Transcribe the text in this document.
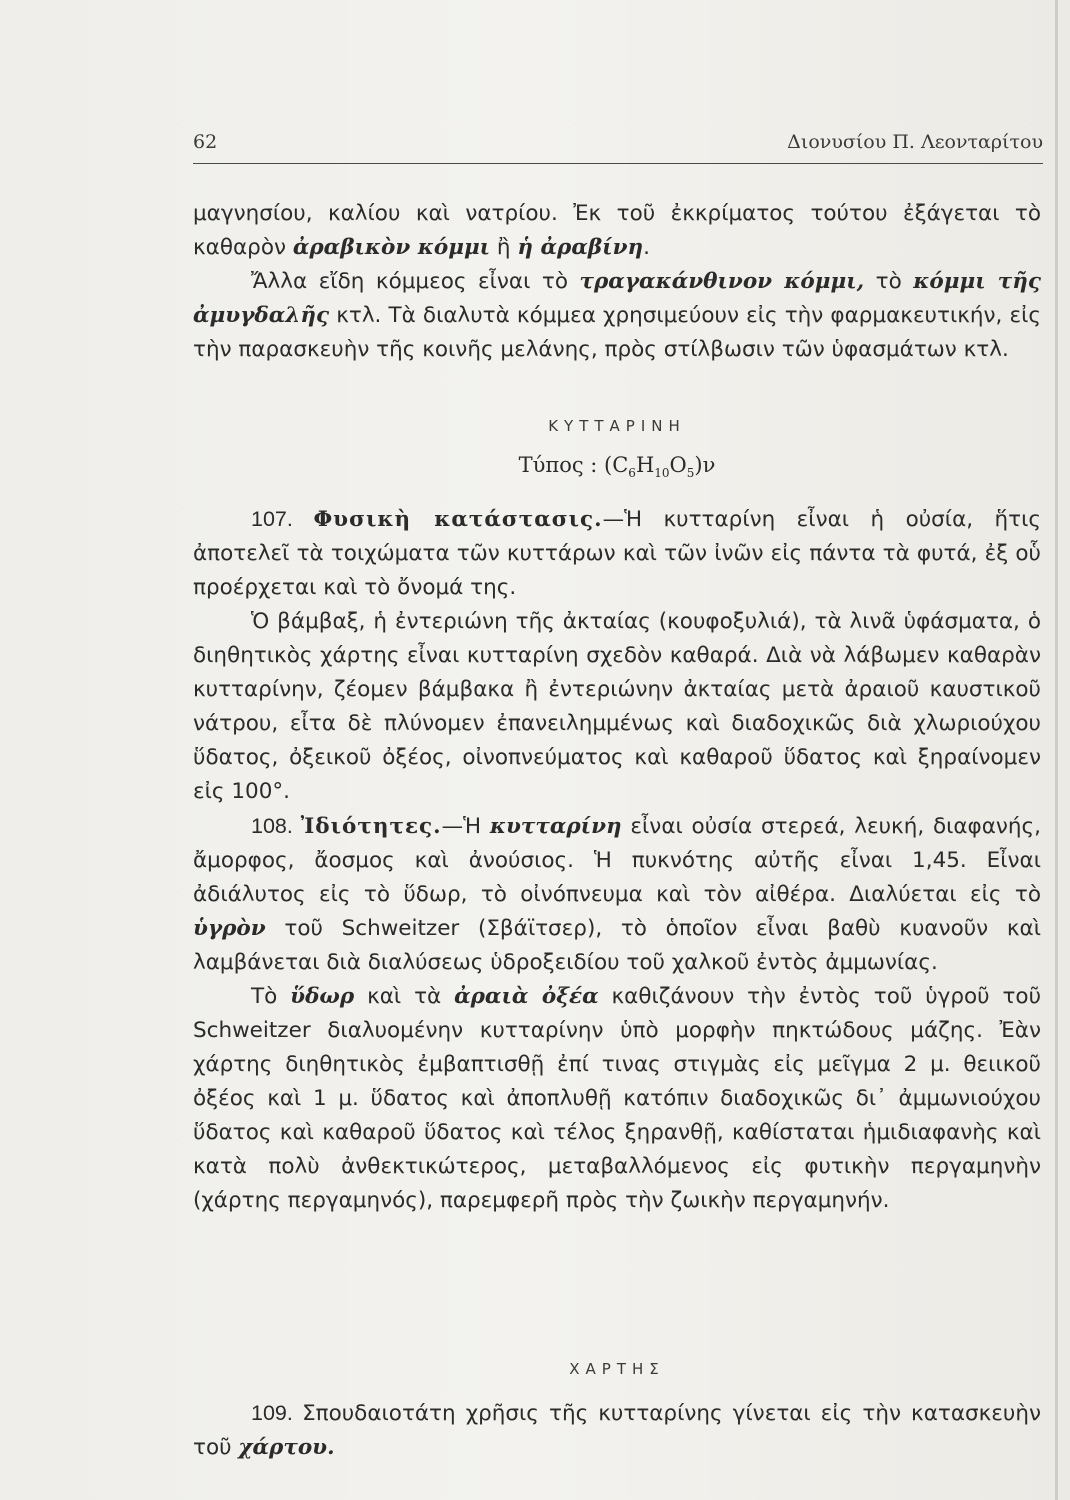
62	Διονυσίου Π. Λεονταρίτου

μαγνησίου, καλίου καὶ νατρίου. Ἐκ τοῦ ἐκκρίματος τούτου ἐξάγεται τὸ καθαρὸν ἀραβικὸν κόμμι ἢ ἡ ἀραβίνη.

Ἄλλα εἴδη κόμμεος εἶναι τὸ τραγακάνθινον κόμμι, τὸ κόμμι τῆς ἀμυγδαλῆς κτλ. Τὰ διαλυτὰ κόμμεα χρησιμεύουν εἰς τὴν φαρμακευτικήν, εἰς τὴν παρασκευὴν τῆς κοινῆς μελάνης, πρὸς στίλβωσιν τῶν ὑφασμάτων κτλ.

ΚΥΤΤΑΡΙΝΗ
Τύπος : $(C_6H_{10}O_5)\nu$

107. Φυσικὴ κατάστασις.—Ἡ κυτταρίνη εἶναι ἡ οὐσία, ἥτις ἀποτελεῖ τὰ τοιχώματα τῶν κυττάρων καὶ τῶν ἰνῶν εἰς πάντα τὰ φυτά, ἐξ οὗ προέρχεται καὶ τὸ ὄνομά της.

Ὁ βάμβαξ, ἡ ἐντεριώνη τῆς ἀκταίας (κουφοξυλιά), τὰ λινᾶ ὑφάσματα, ὁ διηθητικὸς χάρτης εἶναι κυτταρίνη σχεδὸν καθαρά. Διὰ νὰ λάβωμεν καθαρὰν κυτταρίνην, ζέομεν βάμβακα ἢ ἐντεριώνην ἀκταίας μετὰ ἀραιοῦ καυστικοῦ νάτρου, εἶτα δὲ πλύνομεν ἐπανειλημμένως καὶ διαδοχικῶς διὰ χλωριούχου ὕδατος, ὀξεικοῦ ὀξέος, οἰνοπνεύματος καὶ καθαροῦ ὕδατος καὶ ξηραίνομεν εἰς 100°.

108. Ἰδιότητες.—Ἡ κυτταρίνη εἶναι οὐσία στερεά, λευκή, διαφανής, ἄμορφος, ἄοσμος καὶ ἀνούσιος. Ἡ πυκνότης αὐτῆς εἶναι 1,45. Εἶναι ἀδιάλυτος εἰς τὸ ὕδωρ, τὸ οἰνόπνευμα καὶ τὸν αἰθέρα. Διαλύεται εἰς τὸ ὑγρὸν τοῦ Schweitzer (Σβάϊτσερ), τὸ ὁποῖον εἶναι βαθὺ κυανοῦν καὶ λαμβάνεται διὰ διαλύσεως ὑδροξειδίου τοῦ χαλκοῦ ἐντὸς ἀμμωνίας.

Τὸ ὕδωρ καὶ τὰ ἀραιὰ ὀξέα καθιζάνουν τὴν ἐντὸς τοῦ ὑγροῦ τοῦ Schweitzer διαλυομένην κυτταρίνην ὑπὸ μορφὴν πηκτώδους μάζης. Ἐὰν χάρτης διηθητικὸς ἐμβαπτισθῇ ἐπί τινας στιγμὰς εἰς μεῖγμα 2 μ. θειικοῦ ὀξέος καὶ 1 μ. ὕδατος καὶ ἀποπλυθῇ κατόπιν διαδοχικῶς δι᾽ ἀμμωνιούχου ὕδατος καὶ καθαροῦ ὕδατος καὶ τέλος ξηρανθῇ, καθίσταται ἡμιδιαφανὴς καὶ κατὰ πολὺ ἀνθεκτικώτερος, μεταβαλλόμενος εἰς φυτικὴν περγαμηνὴν (χάρτης περγαμηνός), παρεμφερῆ πρὸς τὴν ζωικὴν περγαμηνήν.

ΧΑΡΤΗΣ

109. Σπουδαιοτάτη χρῆσις τῆς κυτταρίνης γίνεται εἰς τὴν κατασκευὴν τοῦ χάρτου.
